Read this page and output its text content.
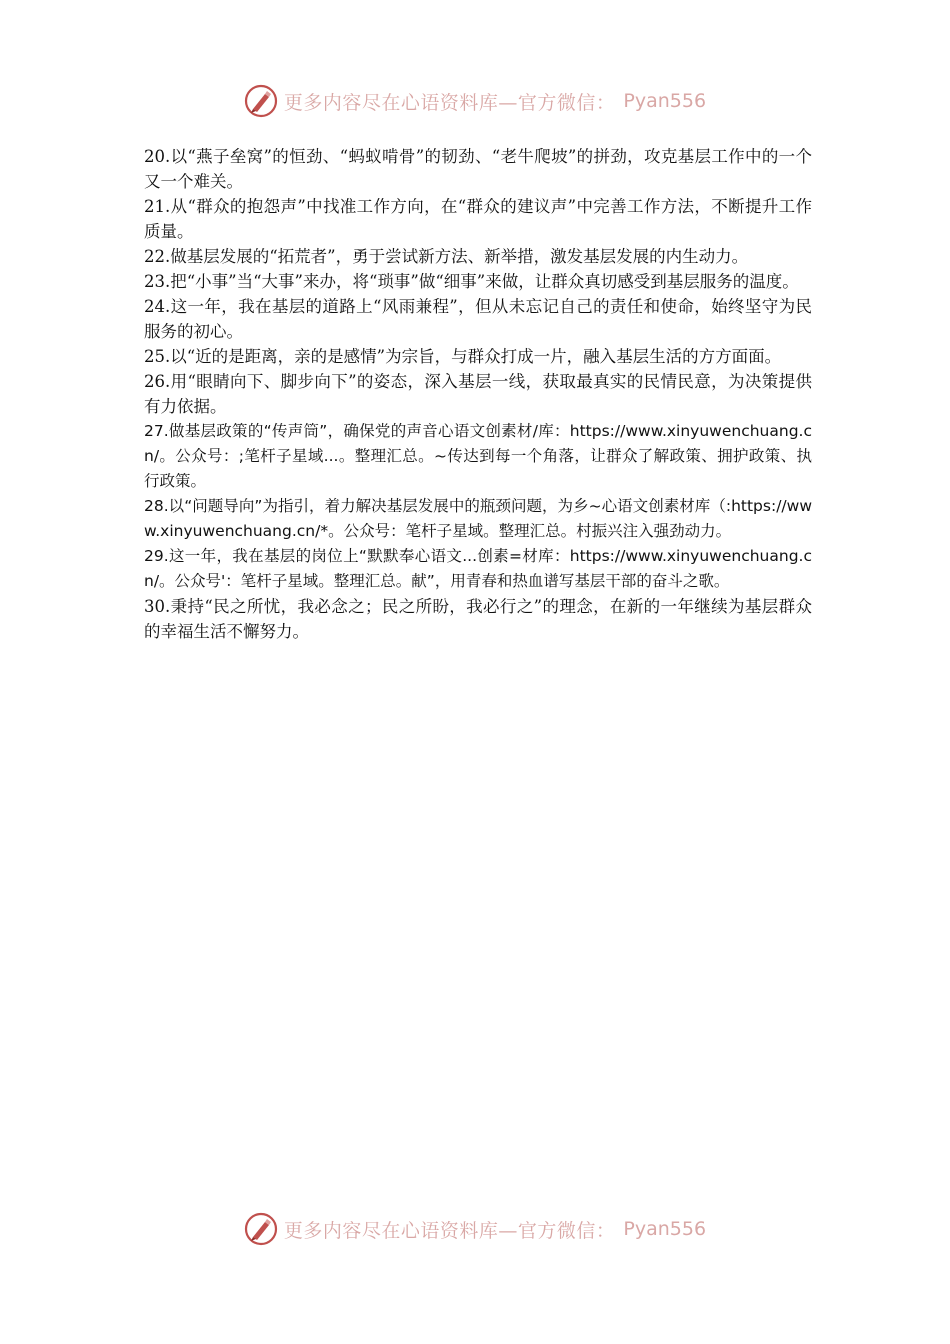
更多内容尽在心语资料库—官方微信： Pyan556

20.以“燕子垒窝”的恒劲、“蚂蚁啃骨”的韧劲、“老牛爬坡”的拼劲，攻克基层工作中的一个又一个难关。

21.从“群众的抱怨声”中找准工作方向，在“群众的建议声”中完善工作方法，不断提升工作质量。

22.做基层发展的“拓荒者”，勇于尝试新方法、新举措，激发基层发展的内生动力。

23.把“小事”当“大事”来办，将“琐事”做“细事”来做，让群众真切感受到基层服务的温度。

24.这一年，我在基层的道路上“风雨兼程”，但从未忘记自己的责任和使命，始终坚守为民服务的初心。

25.以“近的是距离，亲的是感情”为宗旨，与群众打成一片，融入基层生活的方方面面。

26.用“眼睛向下、脚步向下”的姿态，深入基层一线，获取最真实的民情民意，为决策提供有力依据。

27.做基层政策的“传声筒”，确保党的声音心语文创素材/库：https://www.xinyuwenchuang.cn/。公众号：;笔杆子星域...。整理汇总。~传达到每一个角落，让群众了解政策、拥护政策、执行政策。

28.以“问题导向”为指引，着力解决基层发展中的瓶颈问题，为乡~心语文创素材库（:https://www.xinyuwenchuang.cn/*。公众号：笔杆子星域。整理汇总。村振兴注入强劲动力。

29.这一年，我在基层的岗位上“默默奉心语文...创素=材库：https://www.xinyuwenchuang.cn/。公众号'：笔杆子星域。整理汇总。献”，用青春和热血谱写基层干部的奋斗之歌。

30.秉持“民之所忧，我必念之；民之所盼，我必行之”的理念，在新的一年继续为基层群众的幸福生活不懈努力。

更多内容尽在心语资料库—官方微信： Pyan556
